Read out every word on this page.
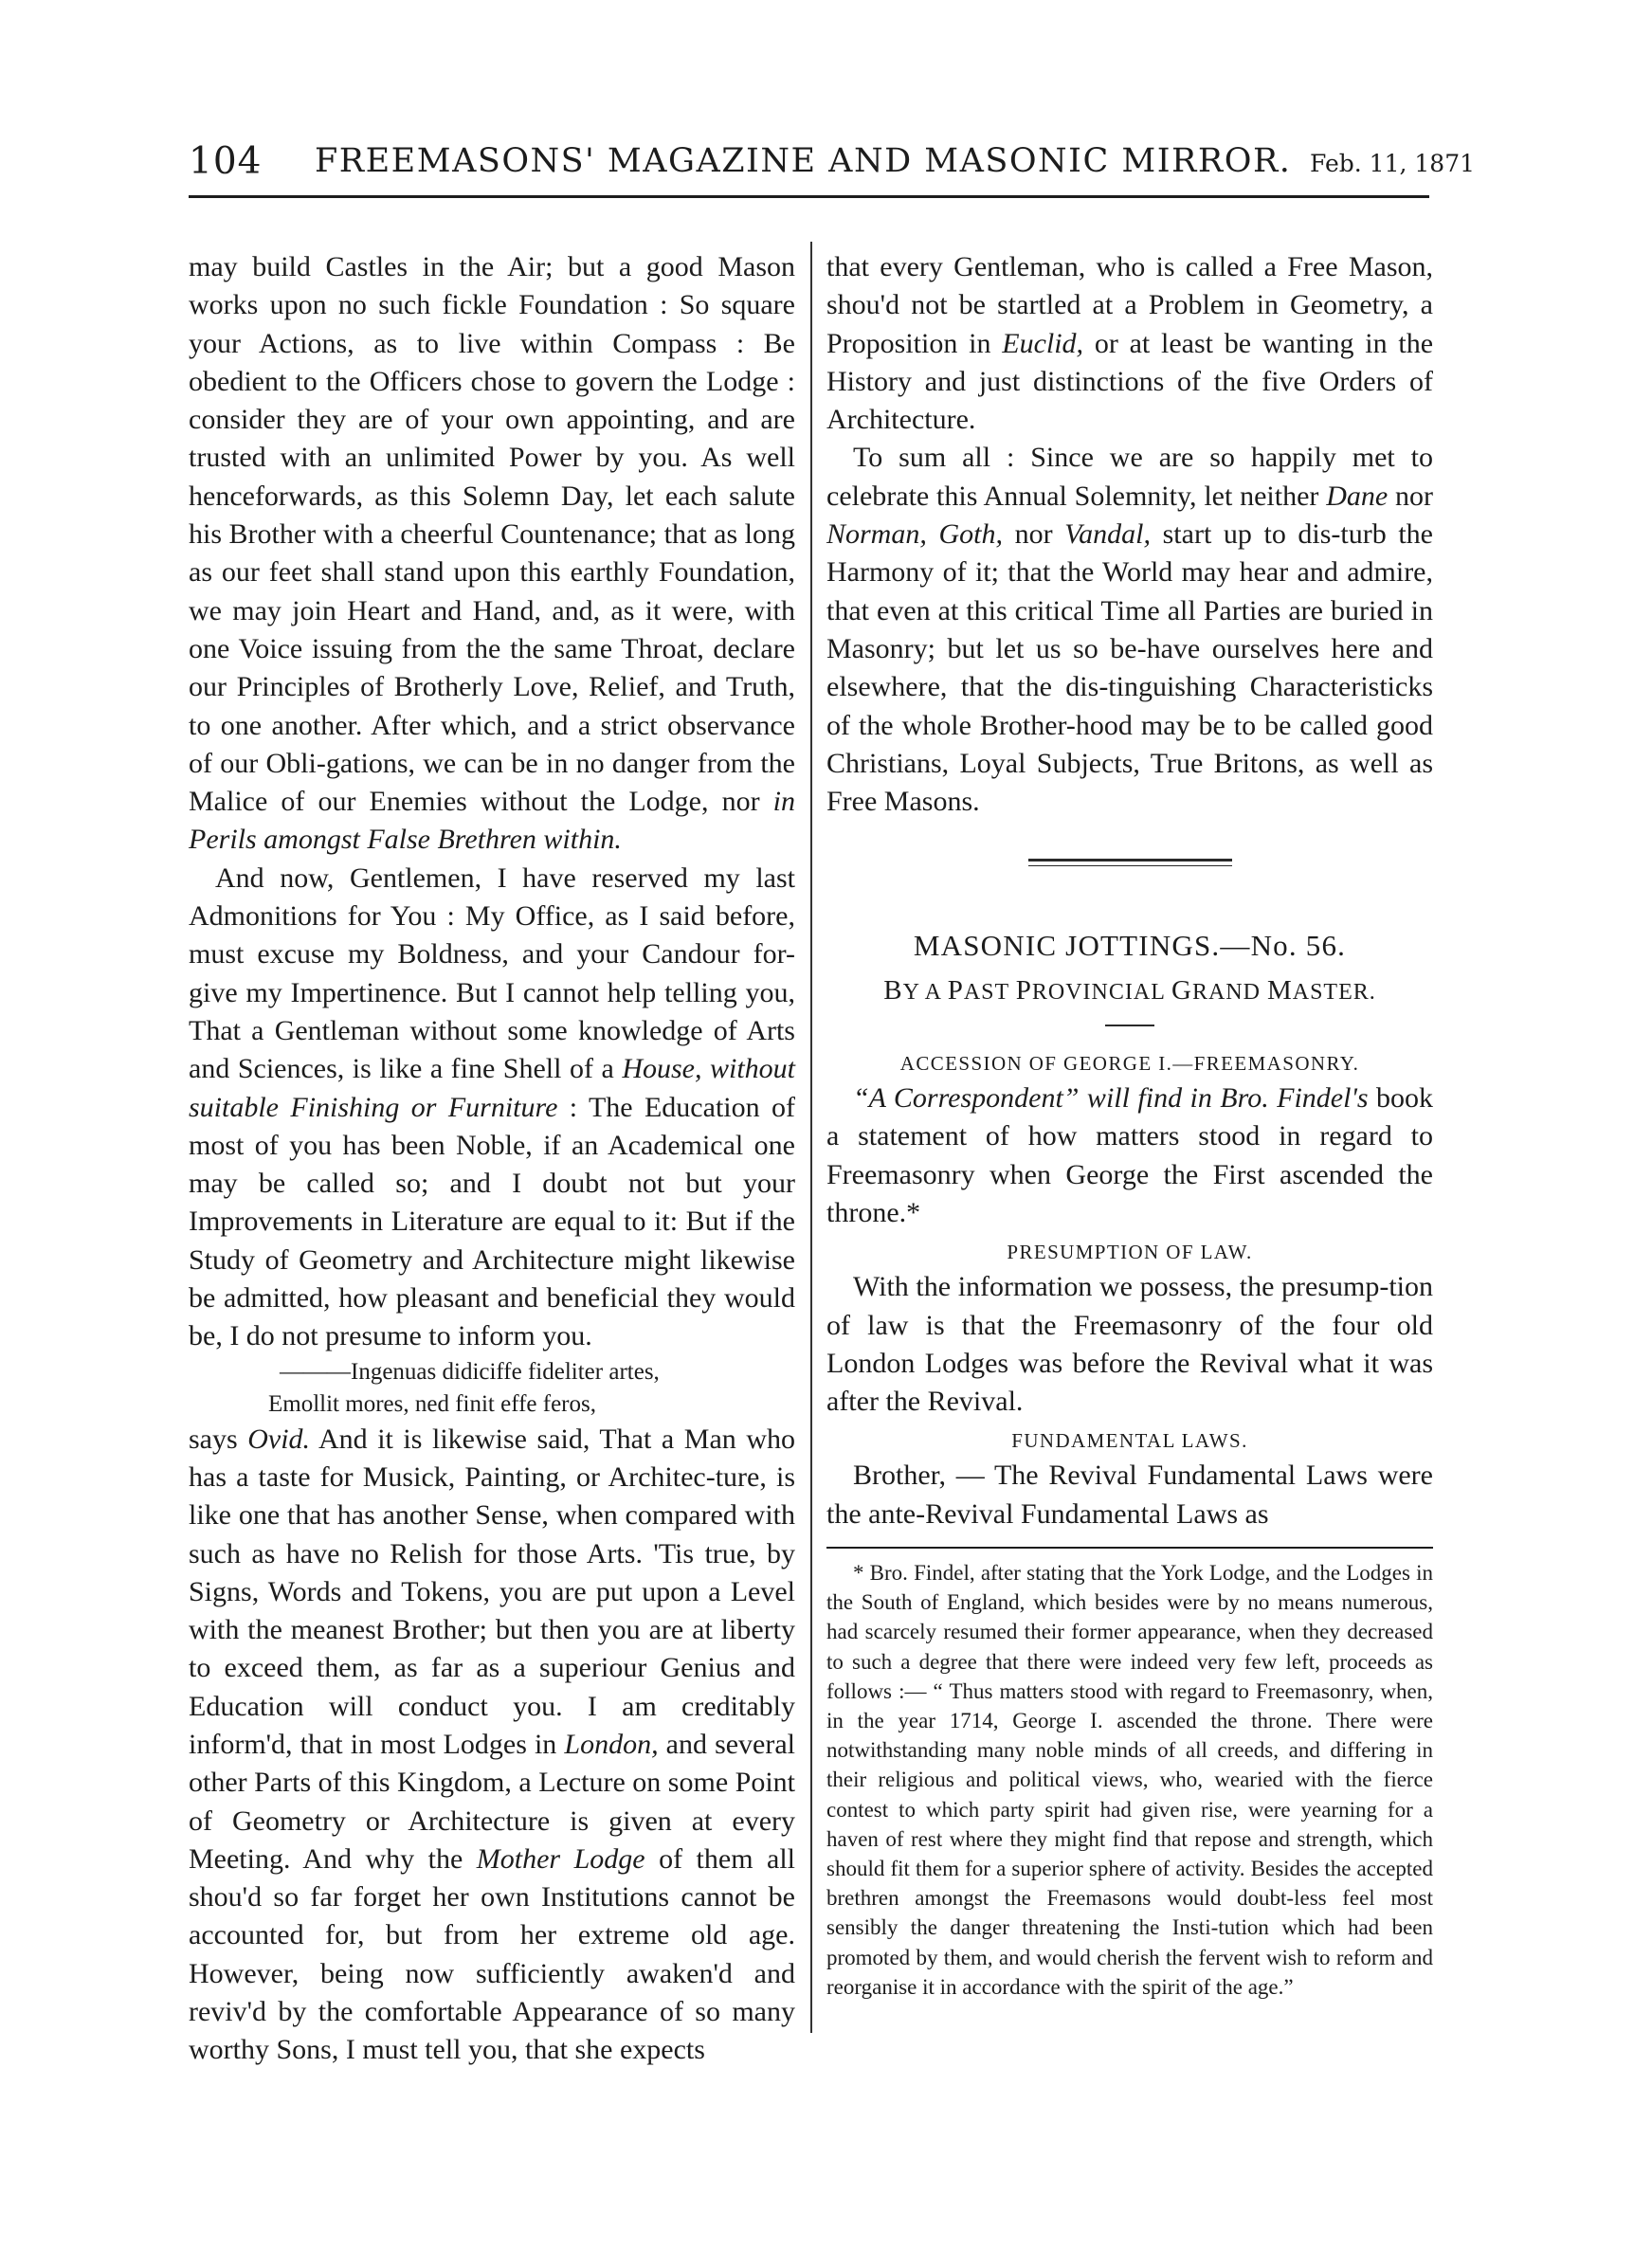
104 FREEMASONS' MAGAZINE AND MASONIC MIRROR. Feb. 11, 1871

may build Castles in the Air; but a good Mason works upon no such fickle Foundation : So square your Actions, as to live within Compass : Be obedient to the Officers chose to govern the Lodge : consider they are of your own appointing, and are trusted with an unlimited Power by you. As well henceforwards, as this Solemn Day, let each salute his Brother with a cheerful Countenance; that as long as our feet shall stand upon this earthly Foundation, we may join Heart and Hand, and, as it were, with one Voice issuing from the the same Throat, declare our Principles of Brotherly Love, Relief, and Truth, to one another. After which, and a strict observance of our Obli-gations, we can be in no danger from the Malice of our Enemies without the Lodge, nor in Perils amongst False Brethren within.

And now, Gentlemen, I have reserved my last Admonitions for You : My Office, as I said before, must excuse my Boldness, and your Candour for-give my Impertinence. But I cannot help telling you, That a Gentleman without some knowledge of Arts and Sciences, is like a fine Shell of a House, without suitable Finishing or Furniture : The Education of most of you has been Noble, if an Academical one may be called so; and I doubt not but your Improvements in Literature are equal to it: But if the Study of Geometry and Architecture might likewise be admitted, how pleasant and beneficial they would be, I do not presume to inform you.

———Ingenuas didiciffe fideliter artes,
Emollit mores, ned finit effe feros,

says Ovid. And it is likewise said, That a Man who has a taste for Musick, Painting, or Architec-ture, is like one that has another Sense, when compared with such as have no Relish for those Arts. 'Tis true, by Signs, Words and Tokens, you are put upon a Level with the meanest Brother; but then you are at liberty to exceed them, as far as a superiour Genius and Education will conduct you. I am creditably inform'd, that in most Lodges in London, and several other Parts of this Kingdom, a Lecture on some Point of Geometry or Architecture is given at every Meeting. And why the Mother Lodge of them all shou'd so far forget her own Institutions cannot be accounted for, but from her extreme old age. However, being now sufficiently awaken'd and reviv'd by the comfortable Appearance of so many worthy Sons, I must tell you, that she expects

that every Gentleman, who is called a Free Mason, shou'd not be startled at a Problem in Geometry, a Proposition in Euclid, or at least be wanting in the History and just distinctions of the five Orders of Architecture.

To sum all : Since we are so happily met to celebrate this Annual Solemnity, let neither Dane nor Norman, Goth, nor Vandal, start up to dis-turb the Harmony of it; that the World may hear and admire, that even at this critical Time all Parties are buried in Masonry; but let us so be-have ourselves here and elsewhere, that the dis-tinguishing Characteristicks of the whole Brother-hood may be to be called good Christians, Loyal Subjects, True Britons, as well as Free Masons.

MASONIC JOTTINGS.—No. 56.
BY A PAST PROVINCIAL GRAND MASTER.
ACCESSION OF GEORGE I.—FREEMASONRY.

“A Correspondent” will find in Bro. Findel's book a statement of how matters stood in regard to Freemasonry when George the First ascended the throne.*

PRESUMPTION OF LAW.

With the information we possess, the presump-tion of law is that the Freemasonry of the four old London Lodges was before the Revival what it was after the Revival.

FUNDAMENTAL LAWS.

Brother, — The Revival Fundamental Laws were the ante-Revival Fundamental Laws as

* Bro. Findel, after stating that the York Lodge, and the Lodges in the South of England, which besides were by no means numerous, had scarcely resumed their former appearance, when they decreased to such a degree that there were indeed very few left, proceeds as follows :— “ Thus matters stood with regard to Freemasonry, when, in the year 1714, George I. ascended the throne. There were notwithstanding many noble minds of all creeds, and differing in their religious and political views, who, wearied with the fierce contest to which party spirit had given rise, were yearning for a haven of rest where they might find that repose and strength, which should fit them for a superior sphere of activity. Besides the accepted brethren amongst the Freemasons would doubt-less feel most sensibly the danger threatening the Insti-tution which had been promoted by them, and would cherish the fervent wish to reform and reorganise it in accordance with the spirit of the age.”
